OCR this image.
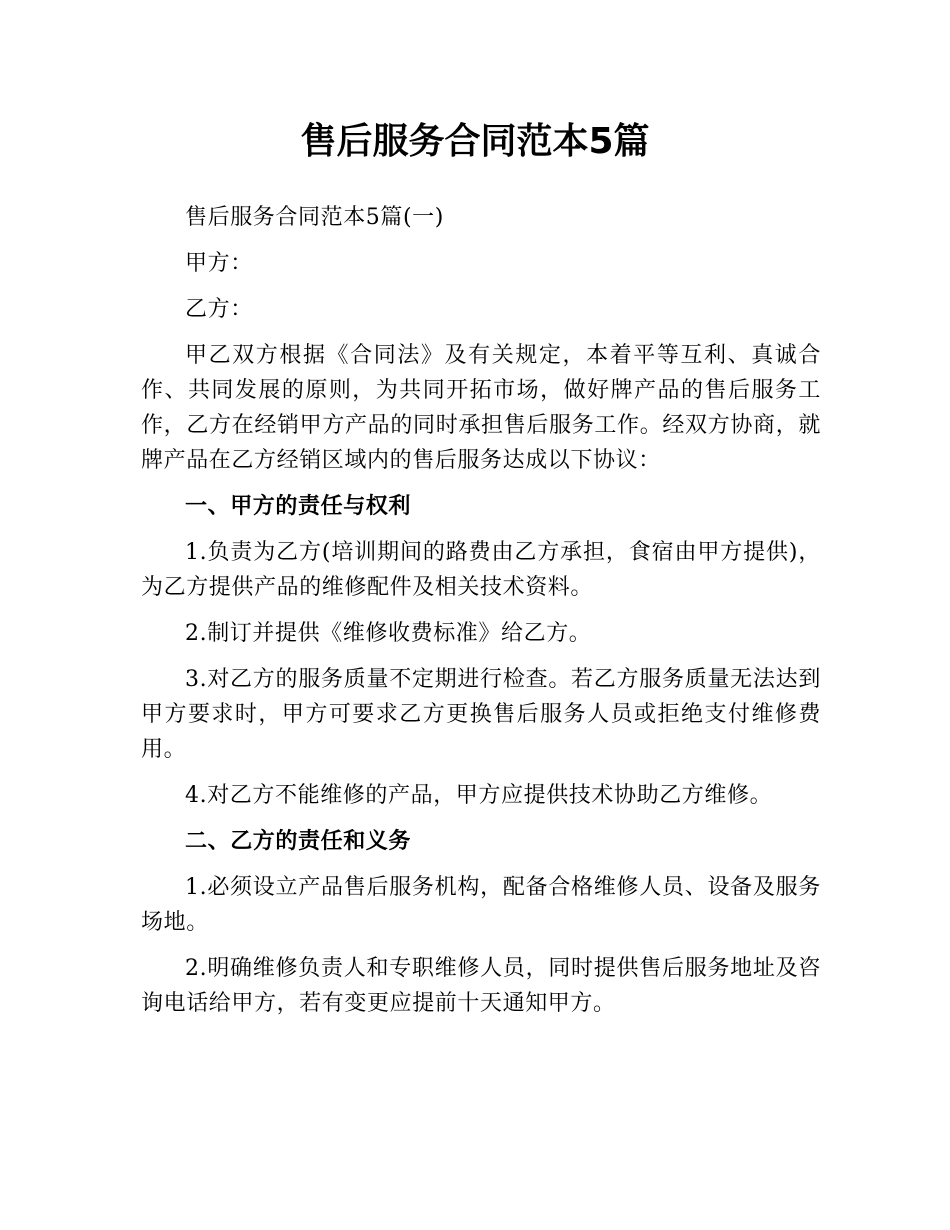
售后服务合同范本5篇

售后服务合同范本5篇(一)

甲方：

乙方：

甲乙双方根据《合同法》及有关规定，本着平等互利、真诚合作、共同发展的原则，为共同开拓市场，做好牌产品的售后服务工作，乙方在经销甲方产品的同时承担售后服务工作。经双方协商，就牌产品在乙方经销区域内的售后服务达成以下协议：

一、甲方的责任与权利

1.负责为乙方(培训期间的路费由乙方承担，食宿由甲方提供)，为乙方提供产品的维修配件及相关技术资料。

2.制订并提供《维修收费标准》给乙方。

3.对乙方的服务质量不定期进行检查。若乙方服务质量无法达到甲方要求时，甲方可要求乙方更换售后服务人员或拒绝支付维修费用。

4.对乙方不能维修的产品，甲方应提供技术协助乙方维修。

二、乙方的责任和义务

1.必须设立产品售后服务机构，配备合格维修人员、设备及服务场地。

2.明确维修负责人和专职维修人员，同时提供售后服务地址及咨询电话给甲方，若有变更应提前十天通知甲方。
